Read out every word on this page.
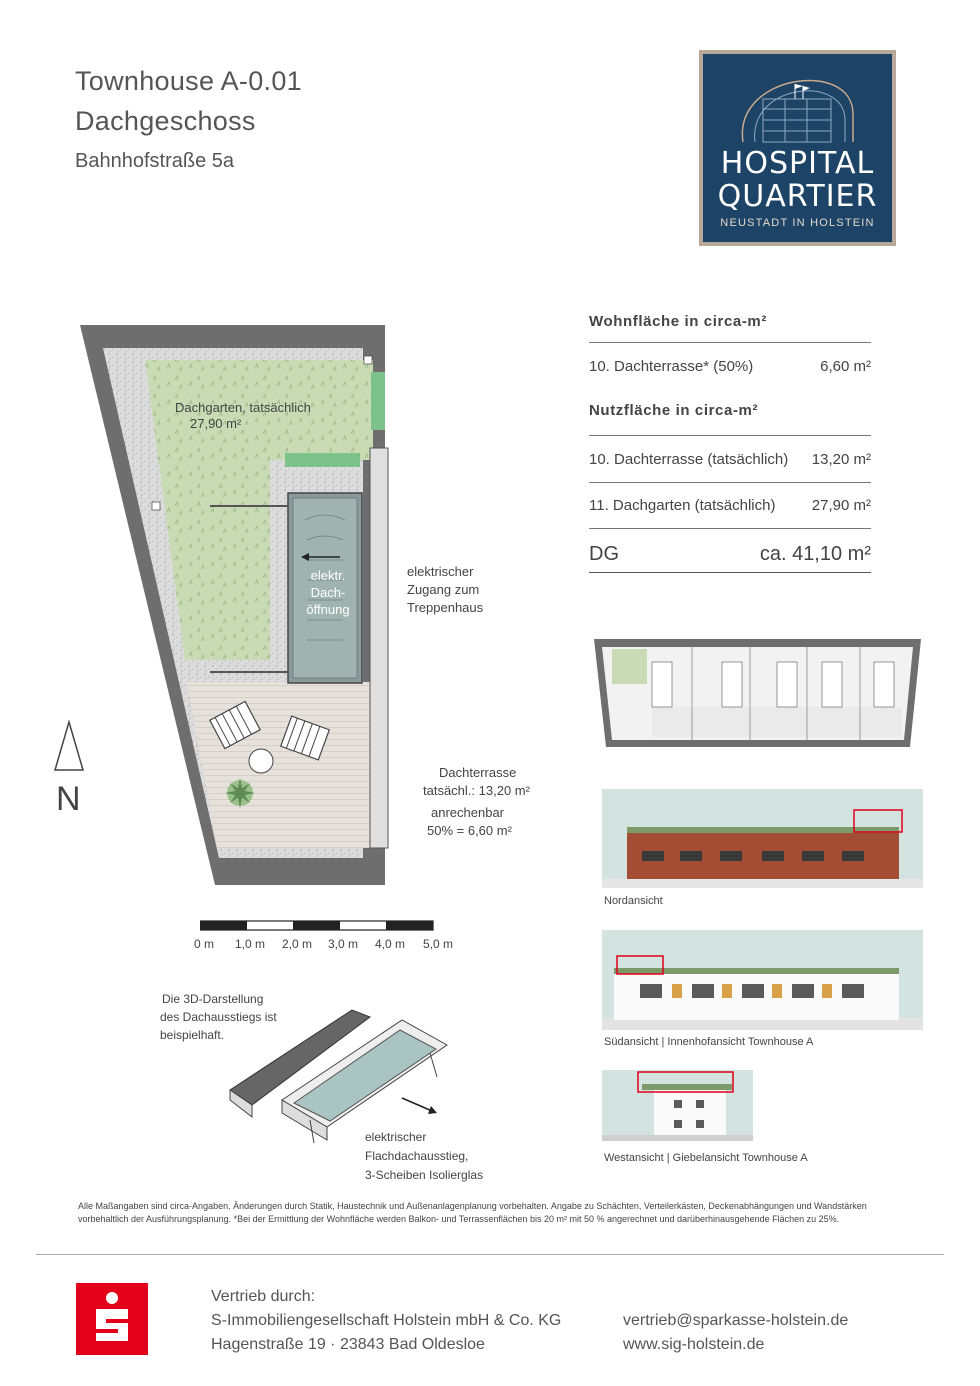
Townhouse A-0.01
Dachgeschoss
Bahnhofstraße 5a	HOSPITAL
QUARTIER
NEUSTADT IN HOLSTEIN
Wohnfläche in circa-m²
10. Dachterrasse* (50%)	6,60 m²
Nutzfläche in circa-m²
10. Dachterrasse (tatsächlich) 13,20 m²
11. Dachgarten (tatsächlich) 27,90 m²
DG	ca. 41,10 m²
Dachgarten, tatsächlich
27,90 m²
elektr.
Dach-
öffnung
elektrischer
Zugang zum
Treppenhaus
Dachterrasse
tatsächl.: 13,20 m²
anrechenbar
50% = 6,60 m²
N
0 m 1,0 m 2,0 m 3,0 m 4,0 m 5,0 m
Die 3D-Darstellung
des Dachausstiegs ist
beispielhaft.
elektrischer
Flachdachausstieg,
3-Scheiben Isolierglas
Nordansicht
Südansicht | Innenhofansicht Townhouse A
Westansicht | Giebelansicht Townhouse A
Alle Maßangaben sind circa-Angaben. Änderungen durch Statik, Haustechnik und Außenanlagenplanung vorbehalten. Angabe zu Schächten, Verteilerkästen, Deckenabhängungen und Wandstärken vorbehaltlich der Ausführungsplanung. *Bei der Ermittlung der Wohnfläche werden Balkon- und Terrassenflächen bis 20 m² mit 50 % angerechnet und darüberhinausgehende Flächen zu 25%.
Vertrieb durch:
S-Immobiliengesellschaft Holstein mbH & Co. KG
Hagenstraße 19 · 23843 Bad Oldesloe
vertrieb@sparkasse-holstein.de
www.sig-holstein.de
